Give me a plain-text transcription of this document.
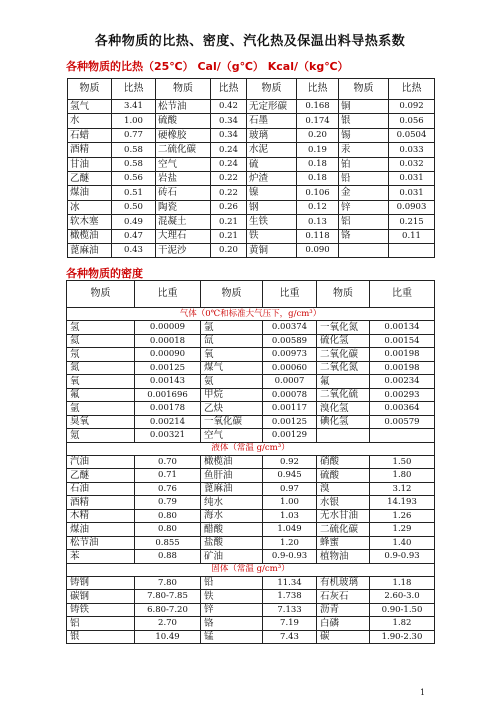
各种物质的比热、密度、汽化热及保温出料导热系数
各种物质的比热（25℃） Cal/（g℃） Kcal/（kg℃）
物质	比热	物质	比热	物质	比热	物质	比热
氢气	3.41	松节油	0.42	无定形碳	0.168	铜	0.092
水	1.00	硫酸	0.34	石墨	0.174	银	0.056
石蜡	0.77	硬橡胶	0.34	玻璃	0.20	锡	0.0504
酒精	0.58	二硫化碳	0.24	水泥	0.19	汞	0.033
甘油	0.58	空气	0.24	硫	0.18	铂	0.032
乙醚	0.56	岩盐	0.22	炉渣	0.18	铅	0.031
煤油	0.51	砖石	0.22	镍	0.106	金	0.031
冰	0.50	陶瓷	0.26	钢	0.12	锌	0.0903
软木塞	0.49	混凝土	0.21	生铁	0.13	铝	0.215
橄榄油	0.47	大理石	0.21	铁	0.118	铬	0.11
蓖麻油	0.43	干泥沙	0.20	黄铜	0.090		
各种物质的密度
物质	比重	物质	比重	物质	比重
气体（0℃和标准大气压下，g/cm³）					
氢	0.00009	氩	0.00374	一氧化氮	0.00134
氦	0.00018	氙	0.00589	硫化氢	0.00154
氖	0.00090	氧	0.00973	二氧化碳	0.00198
氮	0.00125	煤气	0.00060	二氧化氮	0.00198
氧	0.00143	氨	0.0007	氟	0.00234
氟	0.001696	甲烷	0.00078	二氧化硫	0.00293
氩	0.00178	乙炔	0.00117	溴化氢	0.00364
臭氧	0.00214	一氧化碳	0.00125	碘化氢	0.00579
氪	0.00321	空气	0.00129		
液体（常温 g/cm³）					
汽油	0.70	橄榄油	0.92	硝酸	1.50
乙醚	0.71	鱼肝油	0.945	硫酸	1.80
石油	0.76	蓖麻油	0.97	溴	3.12
酒精	0.79	纯水	1.00	水银	14.193
木精	0.80	海水	1.03	无水甘油	1.26
煤油	0.80	醋酸	1.049	二硫化碳	1.29
松节油	0.855	盐酸	1.20	蜂蜜	1.40
苯	0.88	矿油	0.9-0.93	植物油	0.9-0.93
固体（常温 g/cm³）					
铸钢	7.80	铅	11.34	有机玻璃	1.18
碳钢	7.80-7.85	铁	1.738	石灰石	2.60-3.0
铸铁	6.80-7.20	锌	7.133	沥青	0.90-1.50
铝	2.70	铬	7.19	白磷	1.82
银	10.49	锰	7.43	碳	1.90-2.30
1
